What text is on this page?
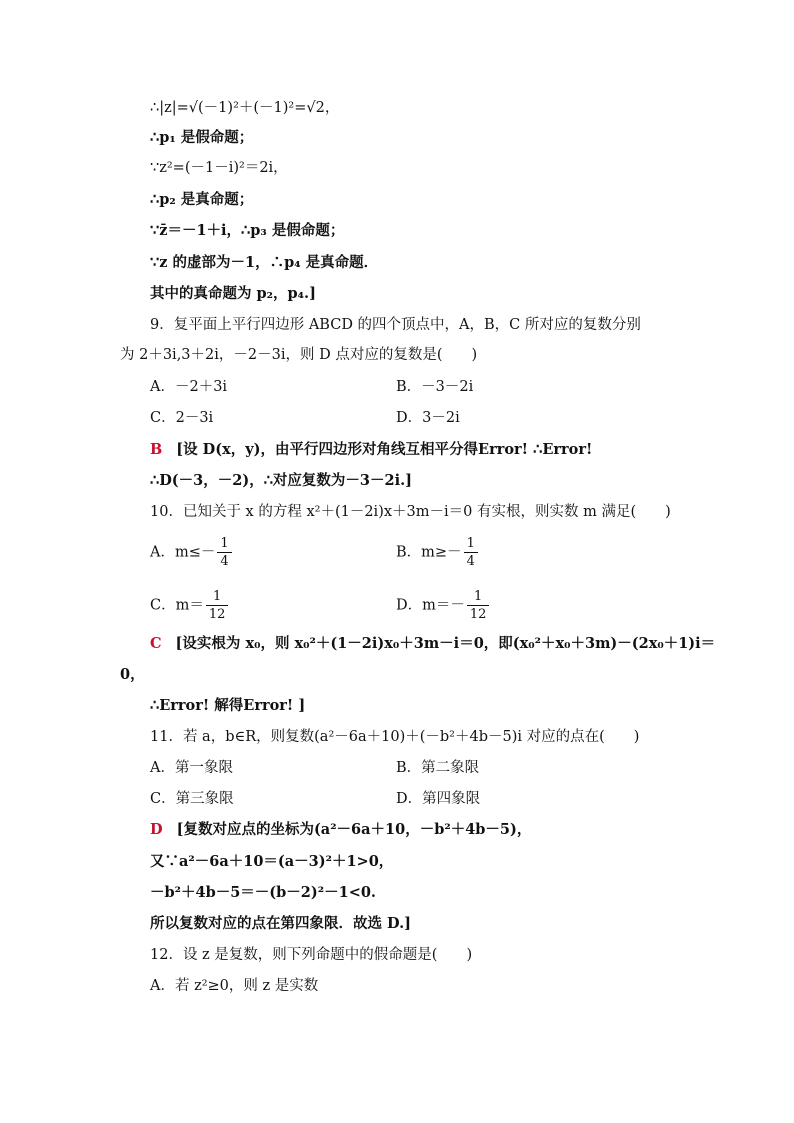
∴|z|=√(－1)²＋(－1)²=√2，
∴p₁ 是假命题；
∵z²=(－1－i)²＝2i，
∴p₂ 是真命题；
∵z̄＝－1＋i，∴p₃ 是假命题；
∵z 的虚部为－1，∴p₄ 是真命题．
其中的真命题为 p₂，p₄.]
9．复平面上平行四边形 ABCD 的四个顶点中，A，B，C 所对应的复数分别
为 2＋3i,3＋2i，－2－3i，则 D 点对应的复数是(　　)
A．－2＋3i	B．－3－2i
C．2－3i	D．3－2i
B [设 D(x，y)，由平行四边形对角线互相平分得Error! ∴Error!
∴D(－3，－2)，∴对应复数为－3－2i.]
10．已知关于 x 的方程 x²＋(1－2i)x＋3m－i＝0 有实根，则实数 m 满足(　　)
A．$m\le- \frac{1}{4}$	B．$m\ge- \frac{1}{4}$
C．$m= \frac{1}{12}$	D．$m=- \frac{1}{12}$
C [设实根为 x₀，则 x₀²＋(1－2i)x₀＋3m－i＝0，即(x₀²＋x₀＋3m)－(2x₀＋1)i＝
0，
∴Error! 解得Error! ]
11．若 a，b∈R，则复数(a²－6a＋10)＋(－b²＋4b－5)i 对应的点在(　　)
A．第一象限	B．第二象限
C．第三象限	D．第四象限
D [复数对应点的坐标为(a²－6a＋10，－b²＋4b－5)，
又∵a²－6a＋10＝(a－3)²＋1>0，
－b²＋4b－5＝－(b－2)²－1<0.
所以复数对应的点在第四象限．故选 D.]
12．设 z 是复数，则下列命题中的假命题是(　　)
A．若 z²≥0，则 z 是实数
